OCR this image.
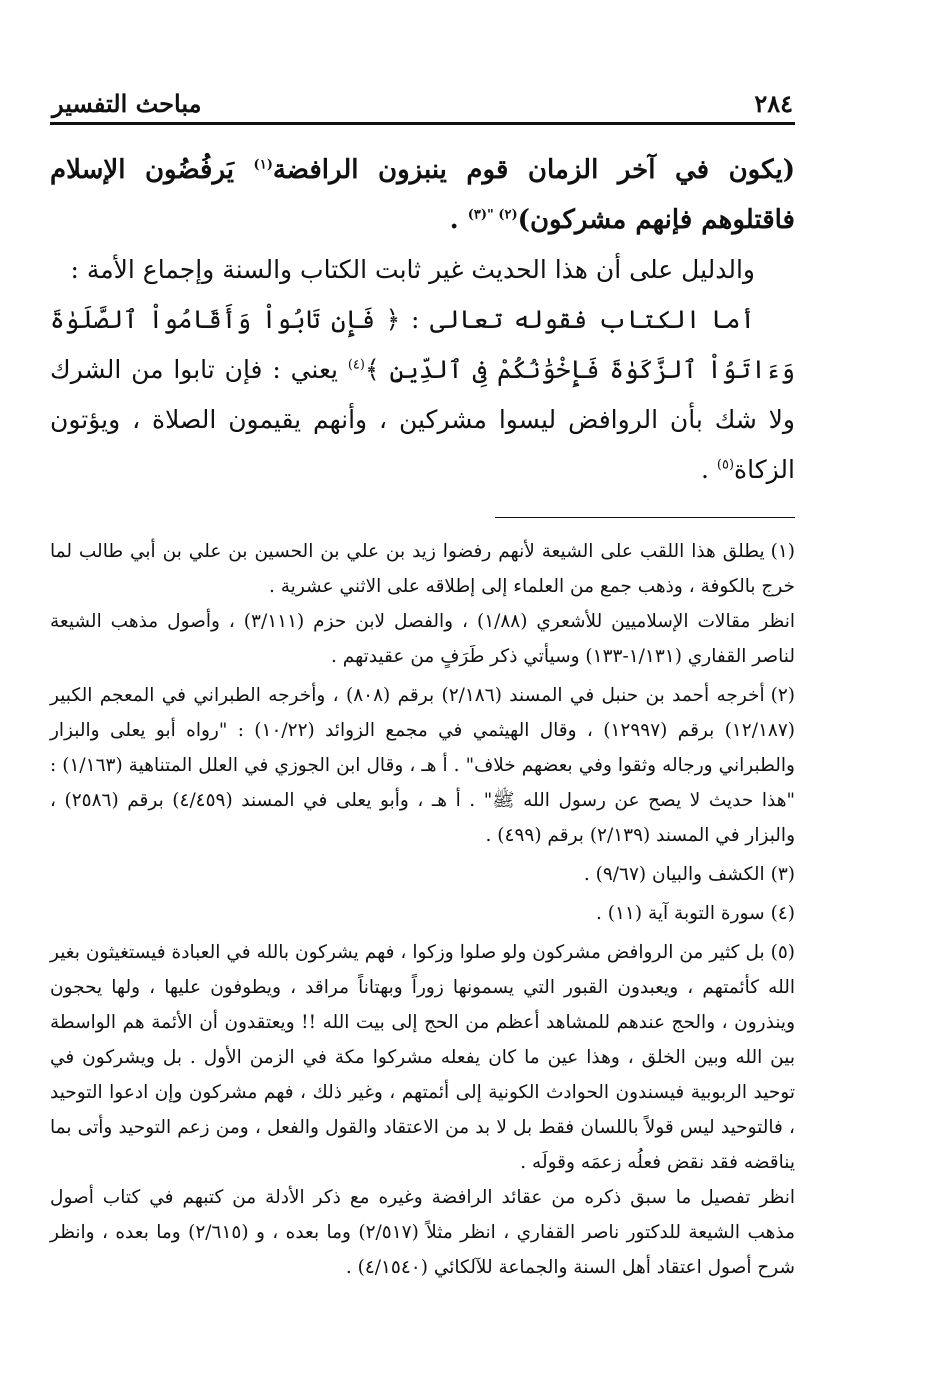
٢٨٤
مباحث التفسير

(يكون في آخر الزمان قوم ينبزون الرافضة$^{(١)}$ يَرفُضُون الإسلام فاقتلوهم فإنهم مشركون)$^{(٢)}$ $^{"(٣)}$ .

والدليل على أن هذا الحديث غير ثابت الكتاب والسنة وإجماع الأمة :

أما الكتاب فقوله تعالى : ﴿ فَإِن تَابُواْ وَأَقَامُواْ ٱلصَّلَوٰةَ وَءَاتَوُاْ ٱلزَّكَوٰةَ فَإِخْوَٰنُكُمْ فِى ٱلدِّينِ ﴾$^{(٤)}$ يعني : فإن تابوا من الشرك ولا شك بأن الروافض ليسوا مشركين ، وأنهم يقيمون الصلاة ، ويؤتون الزكاة$^{(٥)}$ .

(١)يطلق هذا اللقب على الشيعة لأنهم رفضوا زيد بن علي بن الحسين بن علي بن أبي طالب لما خرج بالكوفة ، وذهب جمع من العلماء إلى إطلاقه على الاثني عشرية .

انظر مقالات الإسلاميين للأشعري (١/٨٨) ، والفصل لابن حزم (٣/١١١) ، وأصول مذهب الشيعة لناصر القفاري (١/١٣١-١٣٣) وسيأتي ذكر طَرَفٍ من عقيدتهم .

(٢)أخرجه أحمد بن حنبل في المسند (٢/١٨٦) برقم (٨٠٨) ، وأخرجه الطبراني في المعجم الكبير (١٢/١٨٧) برقم (١٢٩٩٧) ، وقال الهيثمي في مجمع الزوائد (١٠/٢٢) : "رواه أبو يعلى والبزار والطبراني ورجاله وثقوا وفي بعضهم خلاف" . أ هـ ، وقال ابن الجوزي في العلل المتناهية (١/١٦٣) : "هذا حديث لا يصح عن رسول الله ﷺ" . أ هـ ، وأبو يعلى في المسند (٤/٤٥٩) برقم (٢٥٨٦) ، والبزار في المسند (٢/١٣٩) برقم (٤٩٩) .

(٣)الكشف والبيان (٩/٦٧) .

(٤)سورة التوبة آية (١١) .

(٥)بل كثير من الروافض مشركون ولو صلوا وزكوا ، فهم يشركون بالله في العبادة فيستغيثون بغير الله كأئمتهم ، ويعبدون القبور التي يسمونها زوراً وبهتاناً مراقد ، ويطوفون عليها ، ولها يحجون وينذرون ، والحج عندهم للمشاهد أعظم من الحج إلى بيت الله !! ويعتقدون أن الأئمة هم الواسطة بين الله وبين الخلق ، وهذا عين ما كان يفعله مشركوا مكة في الزمن الأول . بل ويشركون في توحيد الربوبية فيسندون الحوادث الكونية إلى أئمتهم ، وغير ذلك ، فهم مشركون وإن ادعوا التوحيد ، فالتوحيد ليس قولاً باللسان فقط بل لا بد من الاعتقاد والقول والفعل ، ومن زعم التوحيد وأتى بما يناقضه فقد نقض فعلُه زعمَه وقولَه .

انظر تفصيل ما سبق ذكره من عقائد الرافضة وغيره مع ذكر الأدلة من كتبهم في كتاب أصول مذهب الشيعة للدكتور ناصر القفاري ، انظر مثلاً (٢/٥١٧) وما بعده ، و (٢/٦١٥) وما بعده ، وانظر شرح أصول اعتقاد أهل السنة والجماعة للآلكائي (٤/١٥٤٠) .
